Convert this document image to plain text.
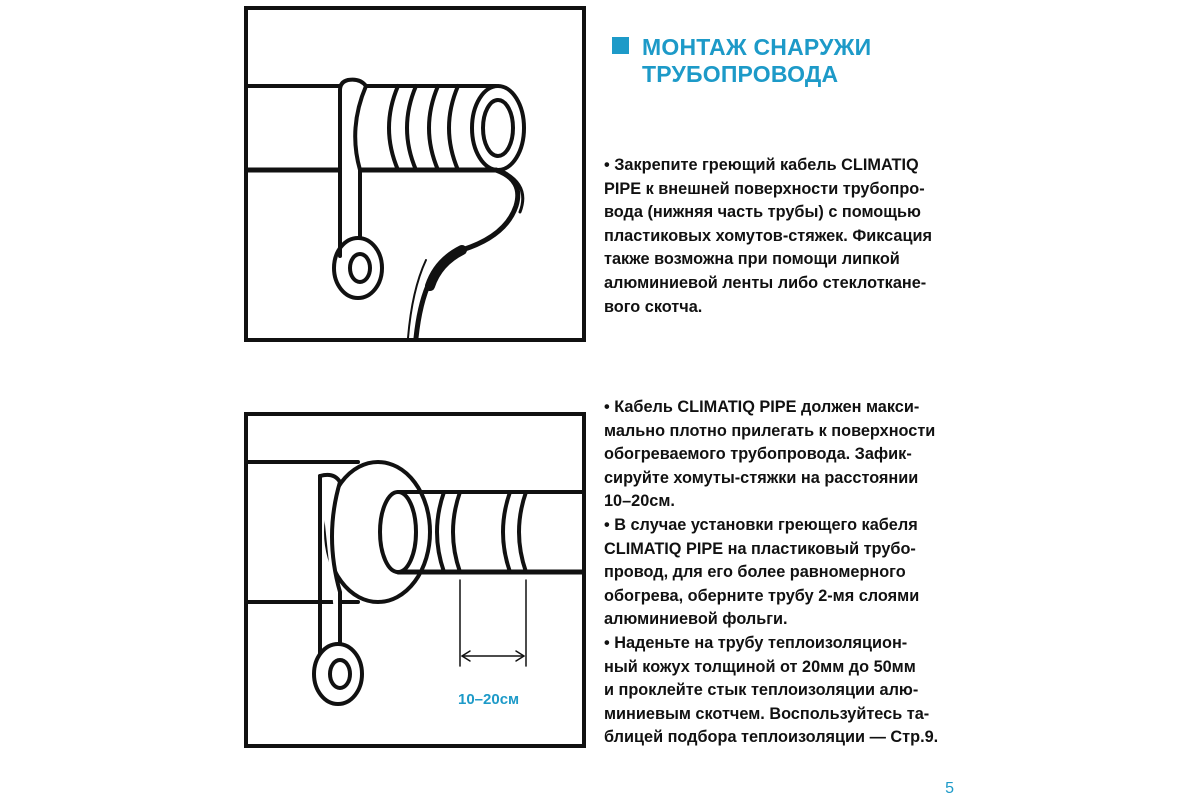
МОНТАЖ СНАРУЖИ
ТРУБОПРОВОДА
• Закрепите греющий кабель CLIMATIQ
PIPE к внешней поверхности трубопро-
вода (нижняя часть трубы) с помощью
пластиковых хомутов-стяжек. Фиксация
также возможна при помощи липкой
алюминиевой ленты либо стеклоткане-
вого скотча.
10–20см
• Кабель CLIMATIQ PIPE должен макси-
мально плотно прилегать к поверхности
обогреваемого трубопровода. Зафик-
сируйте хомуты-стяжки на расстоянии
10–20см.
• В случае установки греющего кабеля
CLIMATIQ PIPE на пластиковый трубо-
провод, для его более равномерного
обогрева, оберните трубу 2-мя слоями
алюминиевой фольги.
• Наденьте на трубу теплоизоляцион-
ный кожух толщиной от 20мм до 50мм
и проклейте стык теплоизоляции алю-
миниевым скотчем. Воспользуйтесь та-
блицей подбора теплоизоляции — Стр.9.
5
